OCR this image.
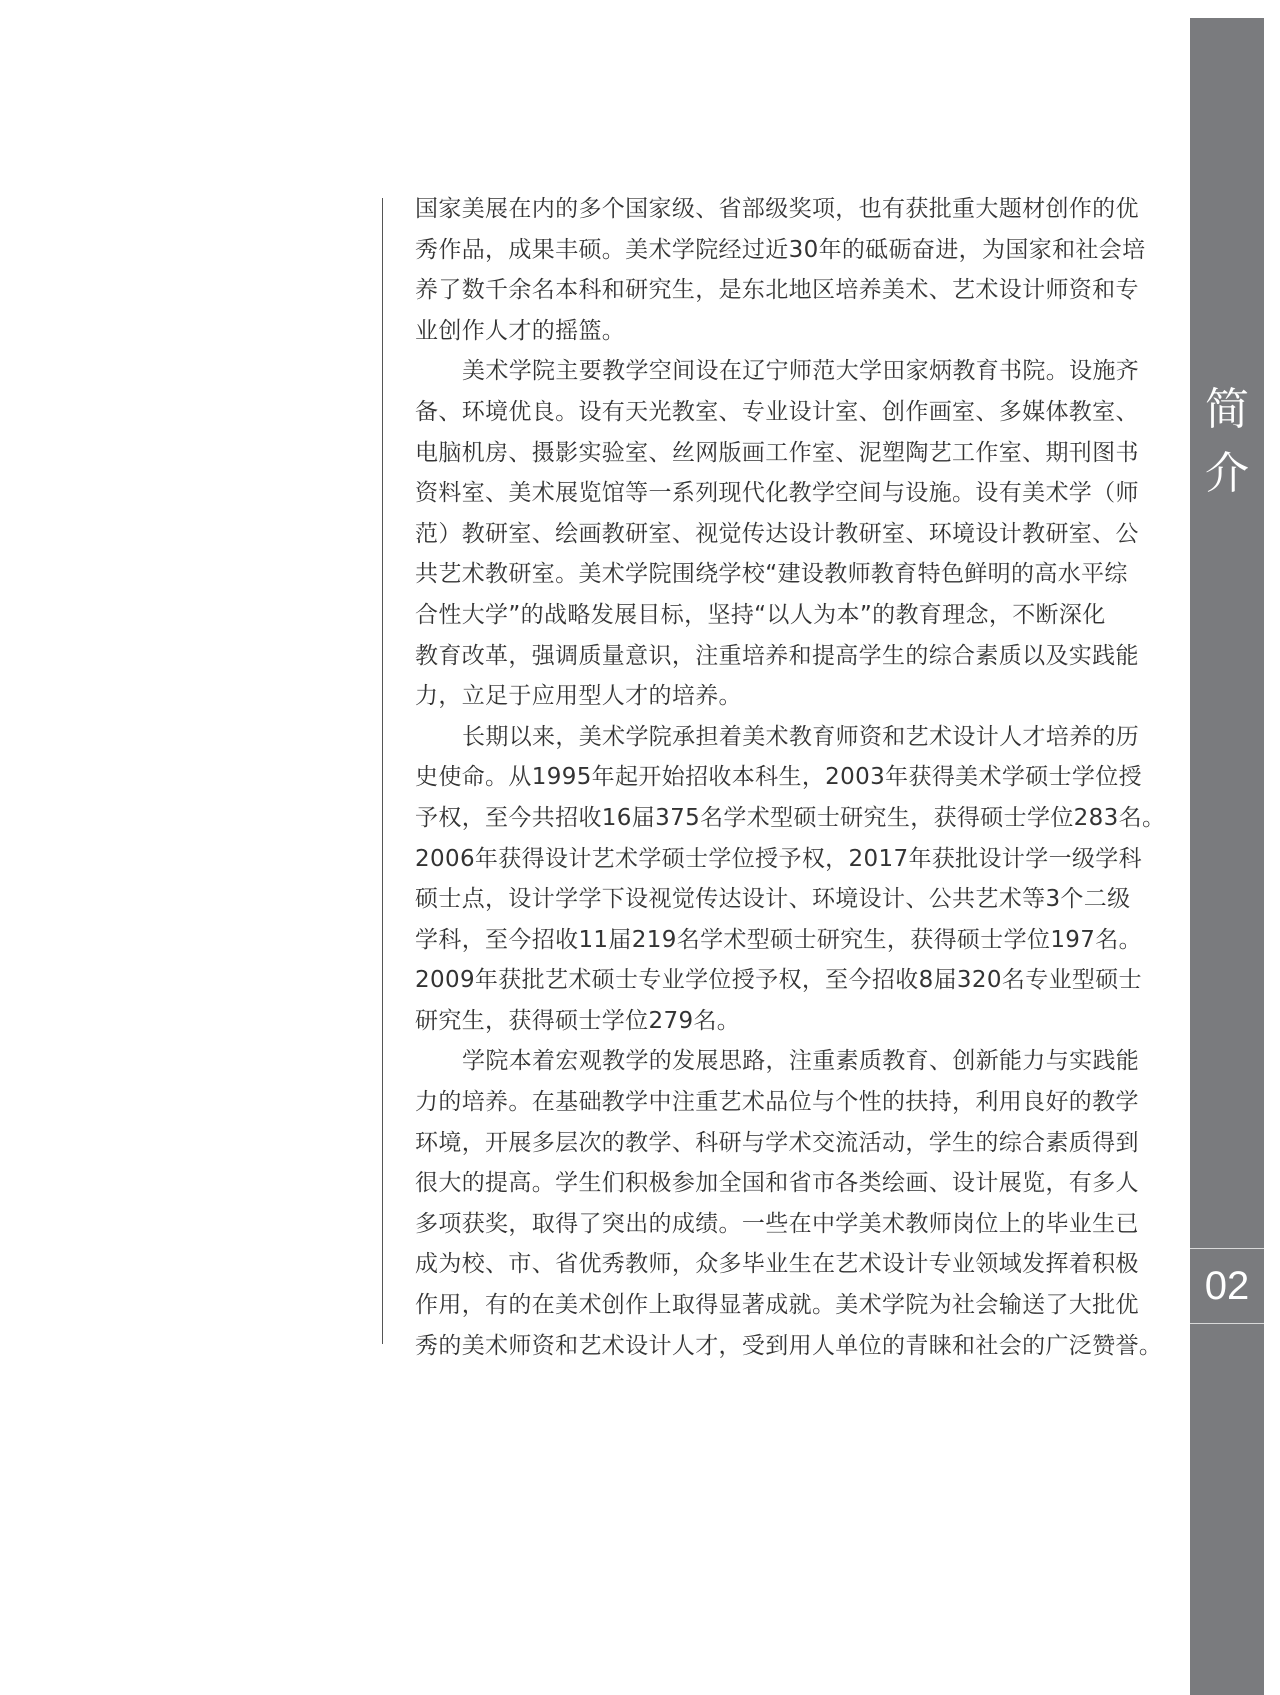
国家美展在内的多个国家级、省部级奖项，也有获批重大题材创作的优
秀作品，成果丰硕。美术学院经过近30年的砥砺奋进，为国家和社会培
养了数千余名本科和研究生，是东北地区培养美术、艺术设计师资和专
业创作人才的摇篮。
美术学院主要教学空间设在辽宁师范大学田家炳教育书院。设施齐
备、环境优良。设有天光教室、专业设计室、创作画室、多媒体教室、
电脑机房、摄影实验室、丝网版画工作室、泥塑陶艺工作室、期刊图书
资料室、美术展览馆等一系列现代化教学空间与设施。设有美术学（师
范）教研室、绘画教研室、视觉传达设计教研室、环境设计教研室、公
共艺术教研室。美术学院围绕学校“建设教师教育特色鲜明的高水平综
合性大学”的战略发展目标，坚持“以人为本”的教育理念，不断深化
教育改革，强调质量意识，注重培养和提高学生的综合素质以及实践能
力，立足于应用型人才的培养。
长期以来，美术学院承担着美术教育师资和艺术设计人才培养的历
史使命。从1995年起开始招收本科生，2003年获得美术学硕士学位授
予权，至今共招收16届375名学术型硕士研究生，获得硕士学位283名。
2006年获得设计艺术学硕士学位授予权，2017年获批设计学一级学科
硕士点，设计学学下设视觉传达设计、环境设计、公共艺术等3个二级
学科，至今招收11届219名学术型硕士研究生，获得硕士学位197名。
2009年获批艺术硕士专业学位授予权，至今招收8届320名专业型硕士
研究生，获得硕士学位279名。
学院本着宏观教学的发展思路，注重素质教育、创新能力与实践能
力的培养。在基础教学中注重艺术品位与个性的扶持，利用良好的教学
环境，开展多层次的教学、科研与学术交流活动，学生的综合素质得到
很大的提高。学生们积极参加全国和省市各类绘画、设计展览，有多人
多项获奖，取得了突出的成绩。一些在中学美术教师岗位上的毕业生已
成为校、市、省优秀教师，众多毕业生在艺术设计专业领域发挥着积极
作用，有的在美术创作上取得显著成就。美术学院为社会输送了大批优
秀的美术师资和艺术设计人才，受到用人单位的青睐和社会的广泛赞誉。
简
介
02
